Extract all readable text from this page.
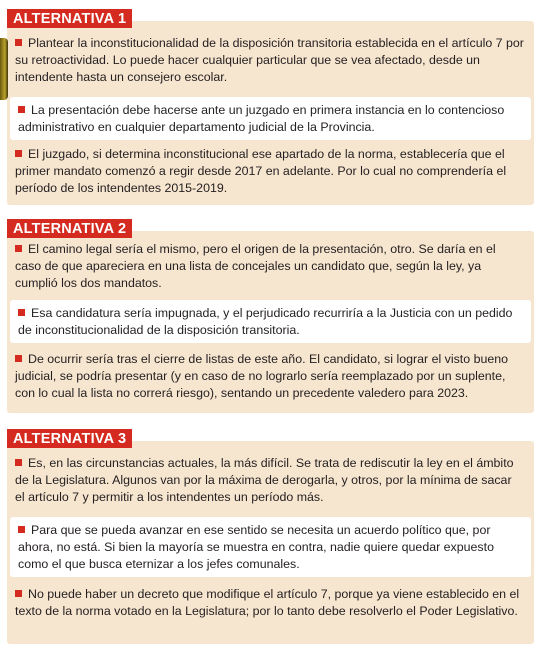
ALTERNATIVA 1
Plantear la inconstitucionalidad de la disposición transitoria establecida en el artículo 7 por su retroactividad. Lo puede hacer cualquier particular que se vea afectado, desde un intendente hasta un consejero escolar.
La presentación debe hacerse ante un juzgado en primera instancia en lo contencioso administrativo en cualquier departamento judicial de la Provincia.
El juzgado, si determina inconstitucional ese apartado de la norma, establecería que el primer mandato comenzó a regir desde 2017 en adelante. Por lo cual no comprendería el período de los intendentes 2015-2019.
ALTERNATIVA 2
El camino legal sería el mismo, pero el origen de la presentación, otro. Se daría en el caso de que apareciera en una lista de concejales un candidato que, según la ley, ya cumplió los dos mandatos.
Esa candidatura sería impugnada, y el perjudicado recurriría a la Justicia con un pedido de inconstitucionalidad de la disposición transitoria.
De ocurrir sería tras el cierre de listas de este año. El candidato, si lograr el visto bueno judicial, se podría presentar (y en caso de no lograrlo sería reemplazado por un suplente, con lo cual la lista no correrá riesgo), sentando un precedente valedero para 2023.
ALTERNATIVA 3
Es, en las circunstancias actuales, la más difícil. Se trata de rediscutir la ley en el ámbito de la Legislatura. Algunos van por la máxima de derogarla, y otros, por la mínima de sacar el artículo 7 y permitir a los intendentes un período más.
Para que se pueda avanzar en ese sentido se necesita un acuerdo político que, por ahora, no está. Si bien la mayoría se muestra en contra, nadie quiere quedar expuesto como el que busca eternizar a los jefes comunales.
No puede haber un decreto que modifique el artículo 7, porque ya viene establecido en el texto de la norma votado en la Legislatura; por lo tanto debe resolverlo el Poder Legislativo.
